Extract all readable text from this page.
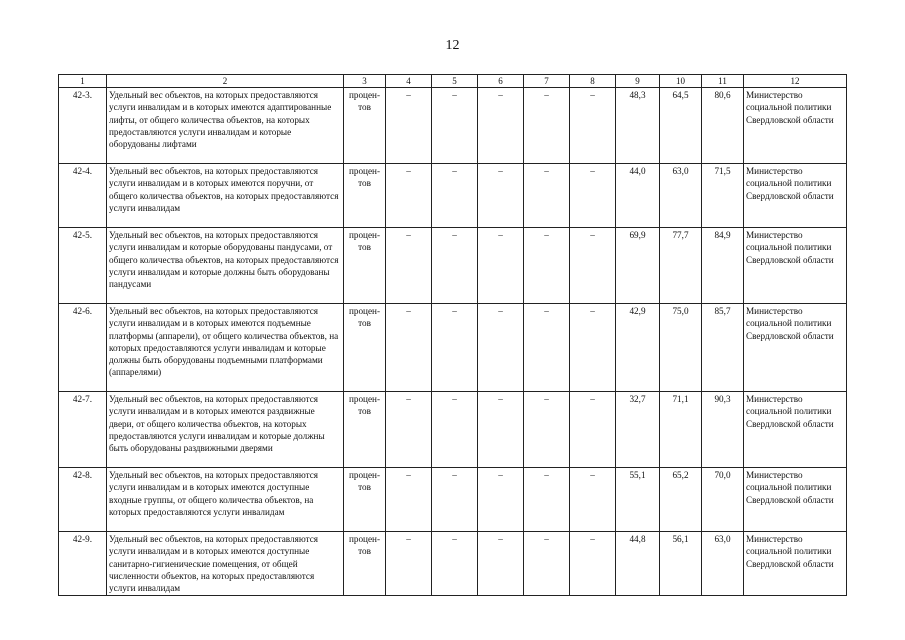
12
1	2	3	4	5	6	7	8	9	10	11	12
42-3.	Удельный вес объектов, на которых предоставляются услуги инвалидам и в которых имеются адаптированные лифты, от общего количества объектов, на которых предоставляются услуги инвалидам и которые оборудованы лифтами	процен-тов	–	–	–	–	–	48,3	64,5	80,6	Министерство социальной политики Свердловской области
42-4.	Удельный вес объектов, на которых предоставляются услуги инвалидам и в которых имеются поручни, от общего количества объектов, на которых предоставляются услуги инвалидам	процен-тов	–	–	–	–	–	44,0	63,0	71,5	Министерство социальной политики Свердловской области
42-5.	Удельный вес объектов, на которых предоставляются услуги инвалидам и которые оборудованы пандусами, от общего количества объектов, на которых предоставляются услуги инвалидам и которые должны быть оборудованы пандусами	процен-тов	–	–	–	–	–	69,9	77,7	84,9	Министерство социальной политики Свердловской области
42-6.	Удельный вес объектов, на которых предоставляются услуги инвалидам и в которых имеются подъемные платформы (аппарели), от общего количества объектов, на которых предоставляются услуги инвалидам и которые должны быть оборудованы подъемными платформами (аппарелями)	процен-тов	–	–	–	–	–	42,9	75,0	85,7	Министерство социальной политики Свердловской области
42-7.	Удельный вес объектов, на которых предоставляются услуги инвалидам и в которых имеются раздвижные двери, от общего количества объектов, на которых предоставляются услуги инвалидам и которые должны быть оборудованы раздвижными дверями	процен-тов	–	–	–	–	–	32,7	71,1	90,3	Министерство социальной политики Свердловской области
42-8.	Удельный вес объектов, на которых предоставляются услуги инвалидам и в которых имеются доступные входные группы, от общего количества объектов, на которых предоставляются услуги инвалидам	процен-тов	–	–	–	–	–	55,1	65,2	70,0	Министерство социальной политики Свердловской области
42-9.	Удельный вес объектов, на которых предоставляются услуги инвалидам и в которых имеются доступные санитарно-гигиенические помещения, от общей численности объектов, на которых предоставляются услуги инвалидам	процен-тов	–	–	–	–	–	44,8	56,1	63,0	Министерство социальной политики Свердловской области
